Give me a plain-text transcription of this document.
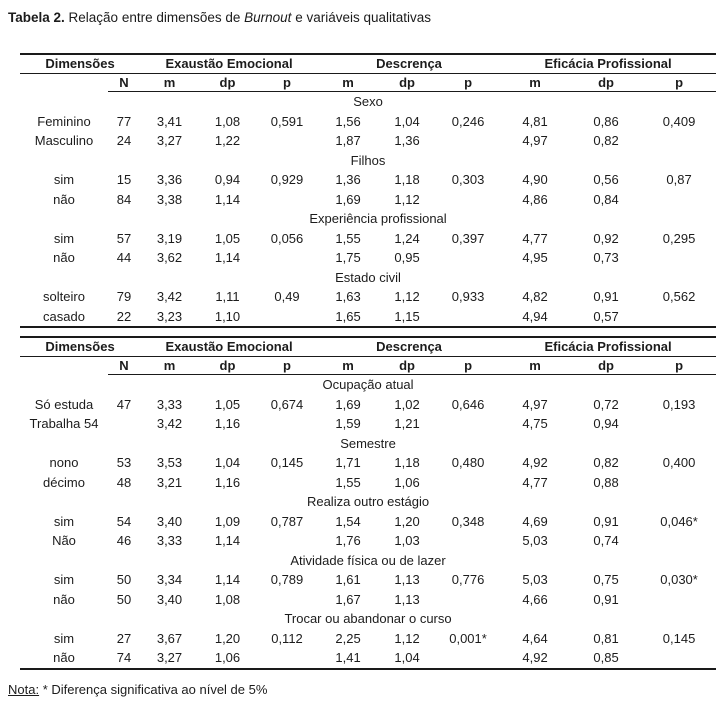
Tabela 2. Relação entre dimensões de Burnout e variáveis qualitativas
Dimensões		Exaustão Emocional			Descrença			Eficácia Profissional		
	N	m	dp	p	m	dp	p	m	dp	p
Sexo										
Feminino	77	3,41	1,08	0,591	1,56	1,04	0,246	4,81	0,86	0,409
Masculino	24	3,27	1,22		1,87	1,36		4,97	0,82	
Filhos										
sim	15	3,36	0,94	0,929	1,36	1,18	0,303	4,90	0,56	0,87
não	84	3,38	1,14		1,69	1,12		4,86	0,84	
Experiência profissional										
sim	57	3,19	1,05	0,056	1,55	1,24	0,397	4,77	0,92	0,295
não	44	3,62	1,14		1,75	0,95		4,95	0,73	
Estado civil										
solteiro	79	3,42	1,11	0,49	1,63	1,12	0,933	4,82	0,91	0,562
casado	22	3,23	1,10		1,65	1,15		4,94	0,57	
Dimensões		Exaustão Emocional			Descrença			Eficácia Profissional		
	N	m	dp	p	m	dp	p	m	dp	p
Ocupação atual										
Só estuda	47	3,33	1,05	0,674	1,69	1,02	0,646	4,97	0,72	0,193
Trabalha 54		3,42	1,16		1,59	1,21		4,75	0,94	
Semestre										
nono	53	3,53	1,04	0,145	1,71	1,18	0,480	4,92	0,82	0,400
décimo	48	3,21	1,16		1,55	1,06		4,77	0,88	
Realiza outro estágio										
sim	54	3,40	1,09	0,787	1,54	1,20	0,348	4,69	0,91	0,046*
Não	46	3,33	1,14		1,76	1,03		5,03	0,74	
Atividade física ou de lazer										
sim	50	3,34	1,14	0,789	1,61	1,13	0,776	5,03	0,75	0,030*
não	50	3,40	1,08		1,67	1,13		4,66	0,91	
Trocar ou abandonar o curso										
sim	27	3,67	1,20	0,112	2,25	1,12	0,001*	4,64	0,81	0,145
não	74	3,27	1,06		1,41	1,04		4,92	0,85	
Nota: * Diferença significativa ao nível de 5%
